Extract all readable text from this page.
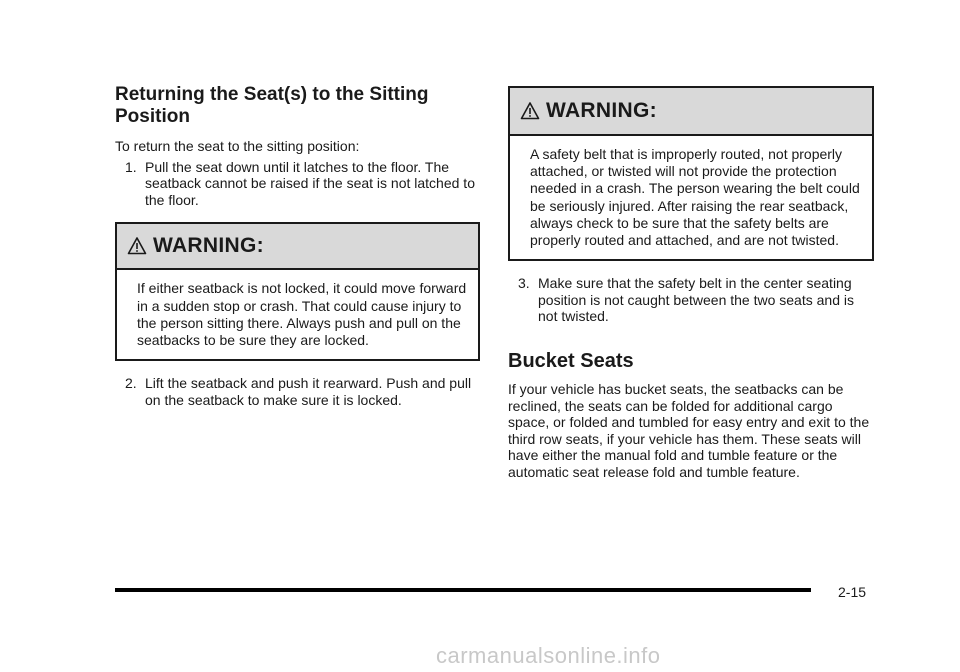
Returning the Seat(s) to the Sitting Position

To return the seat to the sitting position:

1. Pull the seat down until it latches to the floor. The seatback cannot be raised if the seat is not latched to the floor.
WARNING:

If either seatback is not locked, it could move forward in a sudden stop or crash. That could cause injury to the person sitting there. Always push and pull on the seatbacks to be sure they are locked.

2. Lift the seatback and push it rearward. Push and pull on the seatback to make sure it is locked.
WARNING:

A safety belt that is improperly routed, not properly attached, or twisted will not provide the protection needed in a crash. The person wearing the belt could be seriously injured. After raising the rear seatback, always check to be sure that the safety belts are properly routed and attached, and are not twisted.

3. Make sure that the safety belt in the center seating position is not caught between the two seats and is not twisted.
Bucket Seats

If your vehicle has bucket seats, the seatbacks can be reclined, the seats can be folded for additional cargo space, or folded and tumbled for easy entry and exit to the third row seats, if your vehicle has them. These seats will have either the manual fold and tumble feature or the automatic seat release fold and tumble feature.

2-15
carmanualsonline.info
